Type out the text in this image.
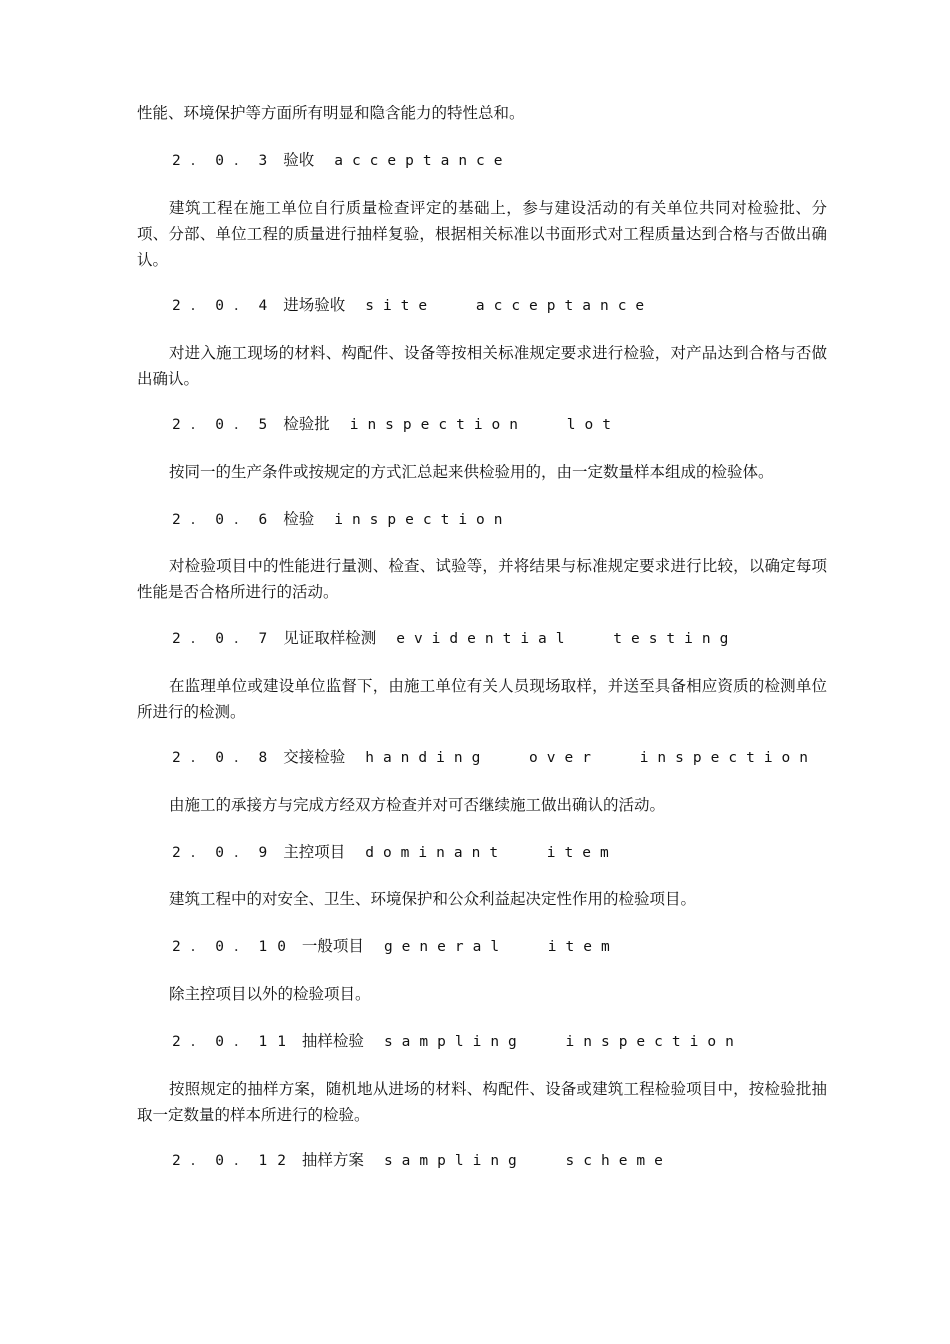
性能、环境保护等方面所有明显和隐含能力的特性总和。
2．0．3 验收 acceptance
建筑工程在施工单位自行质量检查评定的基础上，参与建设活动的有关单位共同对检验批、分项、分部、单位工程的质量进行抽样复验，根据相关标准以书面形式对工程质量达到合格与否做出确认。
2．0．4 进场验收 site acceptance
对进入施工现场的材料、构配件、设备等按相关标准规定要求进行检验，对产品达到合格与否做出确认。
2．0．5 检验批 inspection lot
按同一的生产条件或按规定的方式汇总起来供检验用的，由一定数量样本组成的检验体。
2．0．6 检验 inspection
对检验项目中的性能进行量测、检查、试验等，并将结果与标准规定要求进行比较，以确定每项性能是否合格所进行的活动。
2．0．7 见证取样检测 evidential testing
在监理单位或建设单位监督下，由施工单位有关人员现场取样，并送至具备相应资质的检测单位所进行的检测。
2．0．8 交接检验 handing over inspection
由施工的承接方与完成方经双方检查并对可否继续施工做出确认的活动。
2．0．9 主控项目 dominant item
建筑工程中的对安全、卫生、环境保护和公众利益起决定性作用的检验项目。
2．0．10 一般项目 general item
除主控项目以外的检验项目。
2．0．11 抽样检验 sampling inspection
按照规定的抽样方案，随机地从进场的材料、构配件、设备或建筑工程检验项目中，按检验批抽取一定数量的样本所进行的检验。
2．0．12 抽样方案 sampling scheme
